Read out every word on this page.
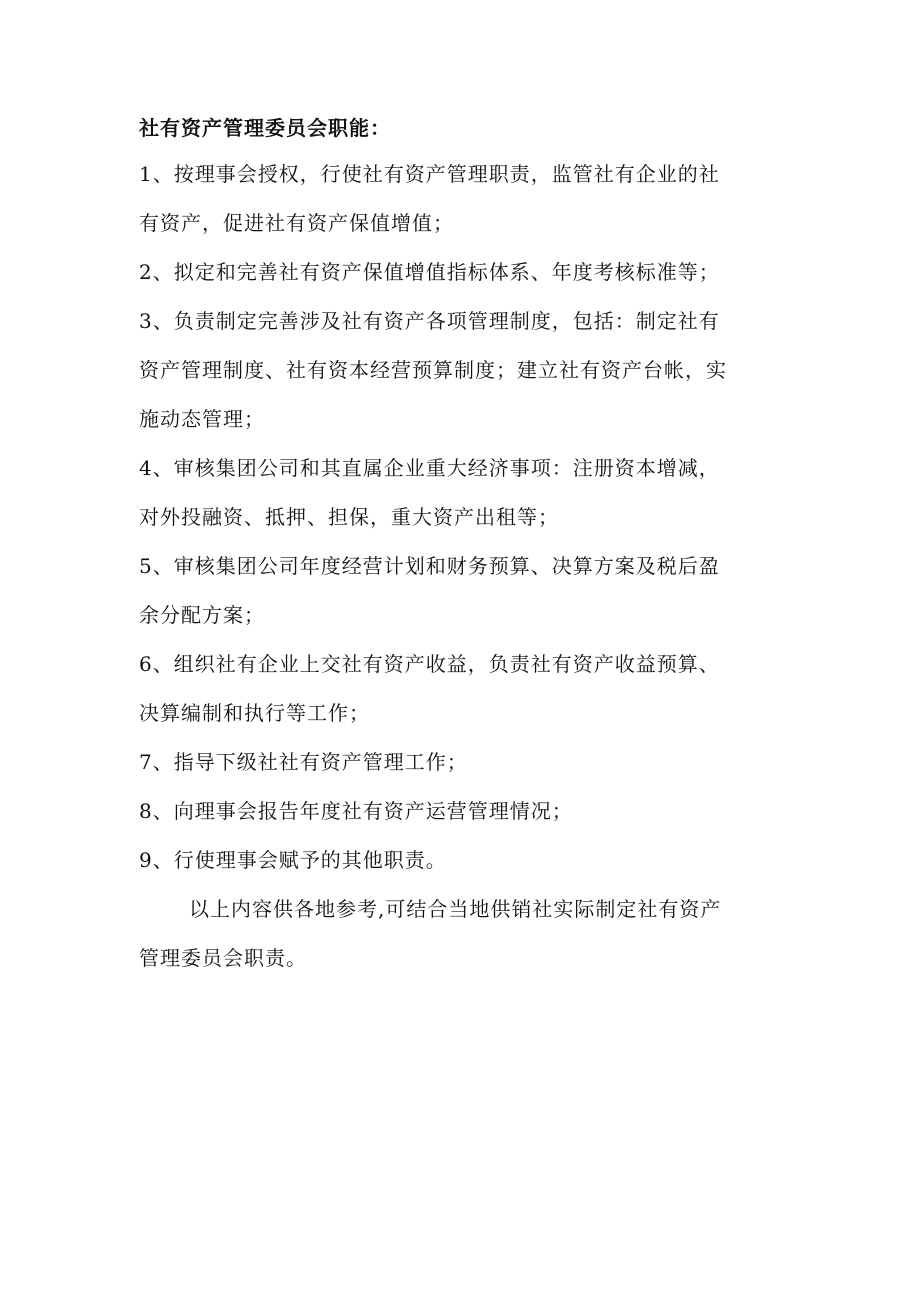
社有资产管理委员会职能：

1、按理事会授权，行使社有资产管理职责，监管社有企业的社
有资产，促进社有资产保值增值；

2、拟定和完善社有资产保值增值指标体系、年度考核标准等；

3、负责制定完善涉及社有资产各项管理制度，包括：制定社有
资产管理制度、社有资本经营预算制度；建立社有资产台帐，实
施动态管理；

4、审核集团公司和其直属企业重大经济事项：注册资本增减，
对外投融资、抵押、担保，重大资产出租等；

5、审核集团公司年度经营计划和财务预算、决算方案及税后盈
余分配方案；

6、组织社有企业上交社有资产收益，负责社有资产收益预算、
决算编制和执行等工作；

7、指导下级社社有资产管理工作；

8、向理事会报告年度社有资产运营管理情况；

9、行使理事会赋予的其他职责。

以上内容供各地参考,可结合当地供销社实际制定社有资产
管理委员会职责。
